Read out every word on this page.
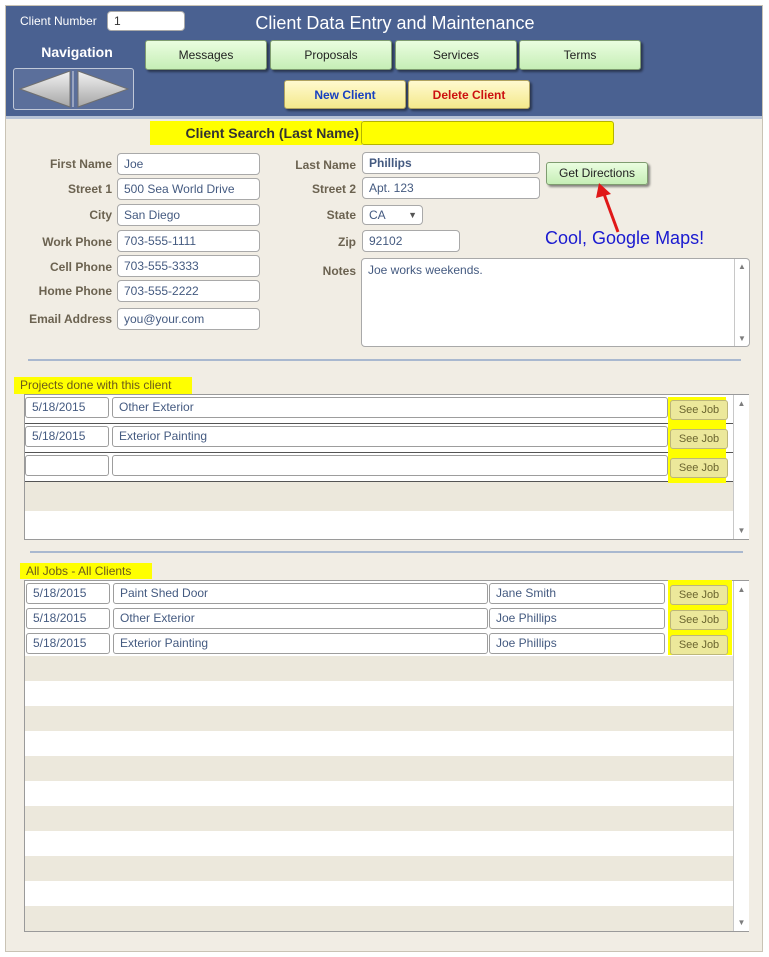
Client Number	1	Client Data Entry and Maintenance
Navigation	Messages	Proposals	Services	Terms
New Client	Delete Client
Client Search (Last Name)
First Name	Joe
Street 1	500 Sea World Drive
City	San Diego
Work Phone	703-555-1111
Cell Phone	703-555-3333
Home Phone	703-555-2222
Email Address	you@your.com
Last Name	Phillips
Street 2	Apt. 123
State	CA ▼
Zip	92102
Notes Joe works weekends.	▲
▼
Get Directions
Cool, Google Maps!
Projects done with this client
▲
▼
5/18/2015	Other Exterior	See Job
5/18/2015	Exterior Painting	See Job
See Job
All Jobs - All Clients
▲
▼
5/18/2015	Paint Shed Door	Jane Smith	See Job
5/18/2015	Other Exterior	Joe Phillips	See Job
5/18/2015	Exterior Painting	Joe Phillips	See Job
